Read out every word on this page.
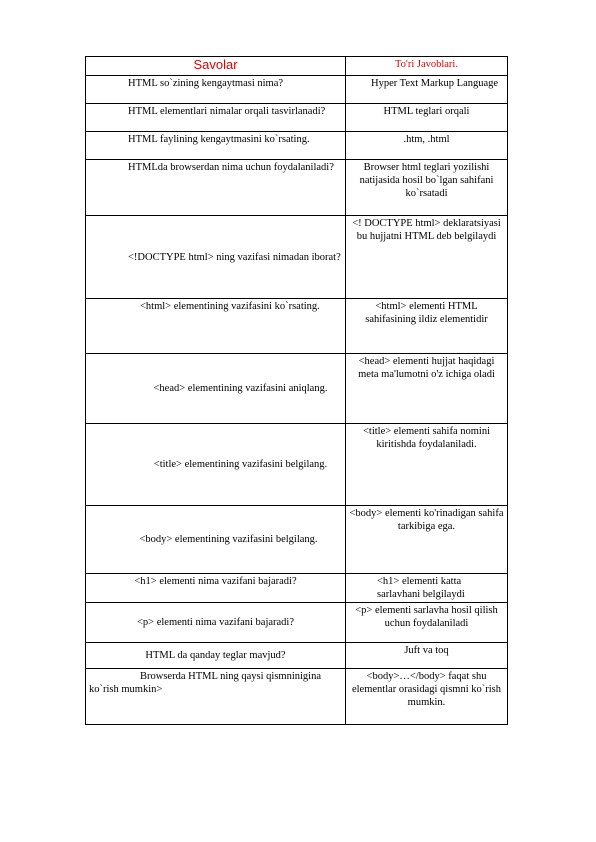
Savolar	To'ri Javoblari.

HTML so`zining kengaytmasi nima?	Hyper Text Markup Language

HTML elementlari nimalar orqali tasvirlanadi?	HTML teglari orqali

HTML faylining kengaytmasini ko`rsating.	.htm, .html

HTMLda browserdan nima uchun foydalaniladi?	Browser html teglari yozilishi natijasida hosil bo`lgan sahifani ko`rsatadi

<!DOCTYPE html> ning vazifasi nimadan iborat?	<! DOCTYPE html> deklaratsiyasi bu hujjatni HTML deb belgilaydi

<html> elementining vazifasini ko`rsating.	<html> elementi HTML sahifasining ildiz elementidir

<head> elementining vazifasini aniqlang.	<head> elementi hujjat haqidagi meta ma'lumotni o'z ichiga oladi

<title> elementining vazifasini belgilang.	<title> elementi sahifa nomini kiritishda foydalaniladi.

<body> elementining vazifasini belgilang.	<body> elementi ko'rinadigan sahifa tarkibiga ega.

<h1> elementi nima vazifani bajaradi?	<h1> elementi katta sarlavhani belgilaydi

<p> elementi nima vazifani bajaradi?	<p> elementi sarlavha hosil qilish uchun foydalaniladi

HTML da qanday teglar mavjud?	Juft va toq

Browserda HTML ning qaysi qismninigina ko`rish mumkin>	<body>…</body> faqat shu elementlar orasidagi qismni ko`rish mumkin.
